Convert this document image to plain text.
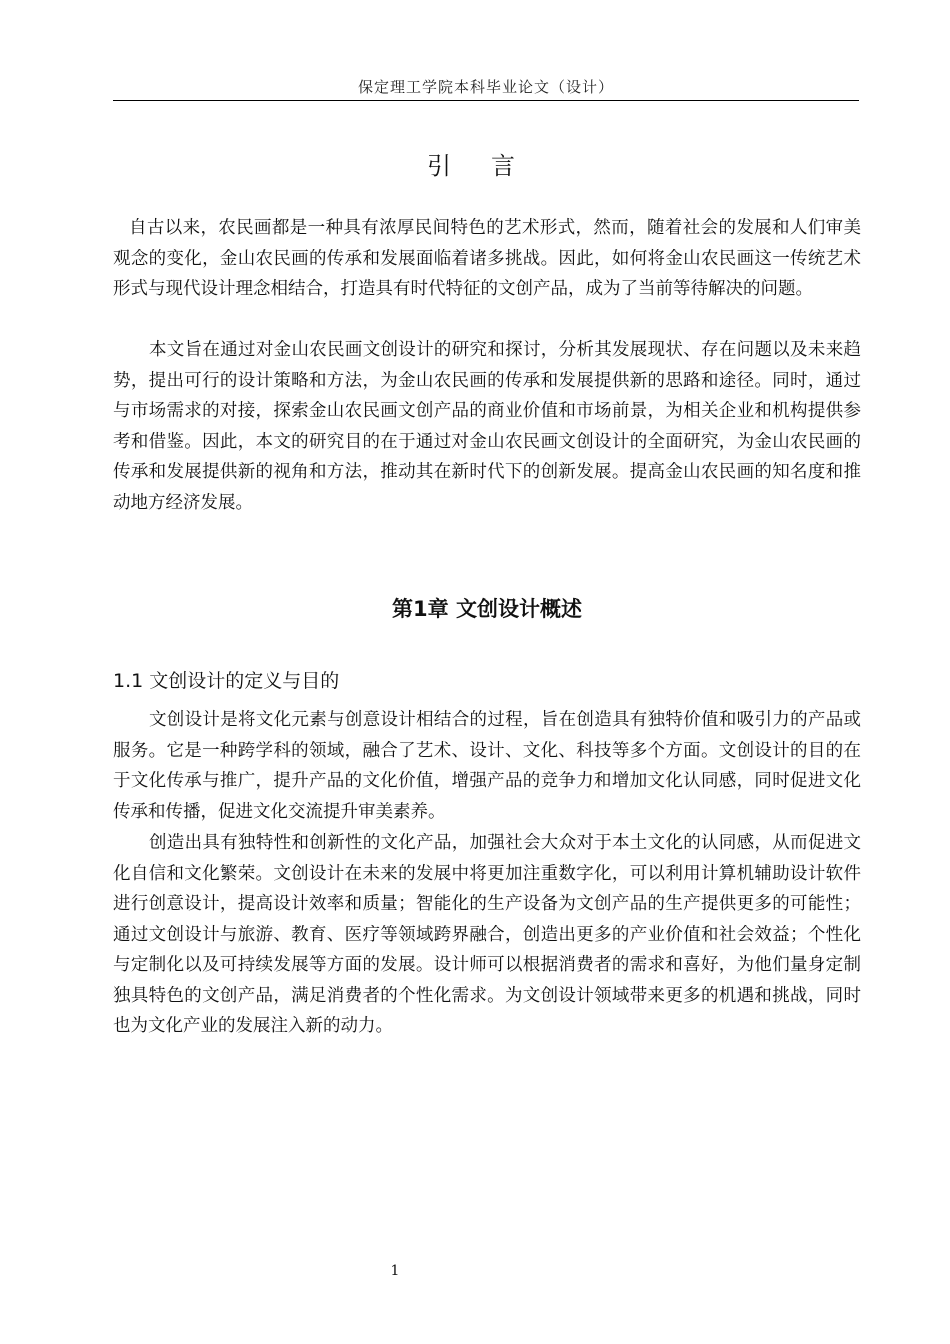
保定理工学院本科毕业论文（设计）
引　言

自古以来，农民画都是一种具有浓厚民间特色的艺术形式，然而，随着社会的发展和人们审美观念的变化，金山农民画的传承和发展面临着诸多挑战。因此，如何将金山农民画这一传统艺术形式与现代设计理念相结合，打造具有时代特征的文创产品，成为了当前等待解决的问题。

本文旨在通过对金山农民画文创设计的研究和探讨，分析其发展现状、存在问题以及未来趋势，提出可行的设计策略和方法，为金山农民画的传承和发展提供新的思路和途径。同时，通过与市场需求的对接，探索金山农民画文创产品的商业价值和市场前景，为相关企业和机构提供参考和借鉴。因此，本文的研究目的在于通过对金山农民画文创设计的全面研究，为金山农民画的传承和发展提供新的视角和方法，推动其在新时代下的创新发展。提高金山农民画的知名度和推动地方经济发展。

第1章 文创设计概述
1.1 文创设计的定义与目的

文创设计是将文化元素与创意设计相结合的过程，旨在创造具有独特价值和吸引力的产品或服务。它是一种跨学科的领域，融合了艺术、设计、文化、科技等多个方面。文创设计的目的在于文化传承与推广，提升产品的文化价值，增强产品的竞争力和增加文化认同感，同时促进文化传承和传播，促进文化交流提升审美素养。

创造出具有独特性和创新性的文化产品，加强社会大众对于本土文化的认同感，从而促进文化自信和文化繁荣。文创设计在未来的发展中将更加注重数字化，可以利用计算机辅助设计软件进行创意设计，提高设计效率和质量；智能化的生产设备为文创产品的生产提供更多的可能性；通过文创设计与旅游、教育、医疗等领域跨界融合，创造出更多的产业价值和社会效益；个性化与定制化以及可持续发展等方面的发展。设计师可以根据消费者的需求和喜好，为他们量身定制独具特色的文创产品，满足消费者的个性化需求。为文创设计领域带来更多的机遇和挑战，同时也为文化产业的发展注入新的动力。

1
